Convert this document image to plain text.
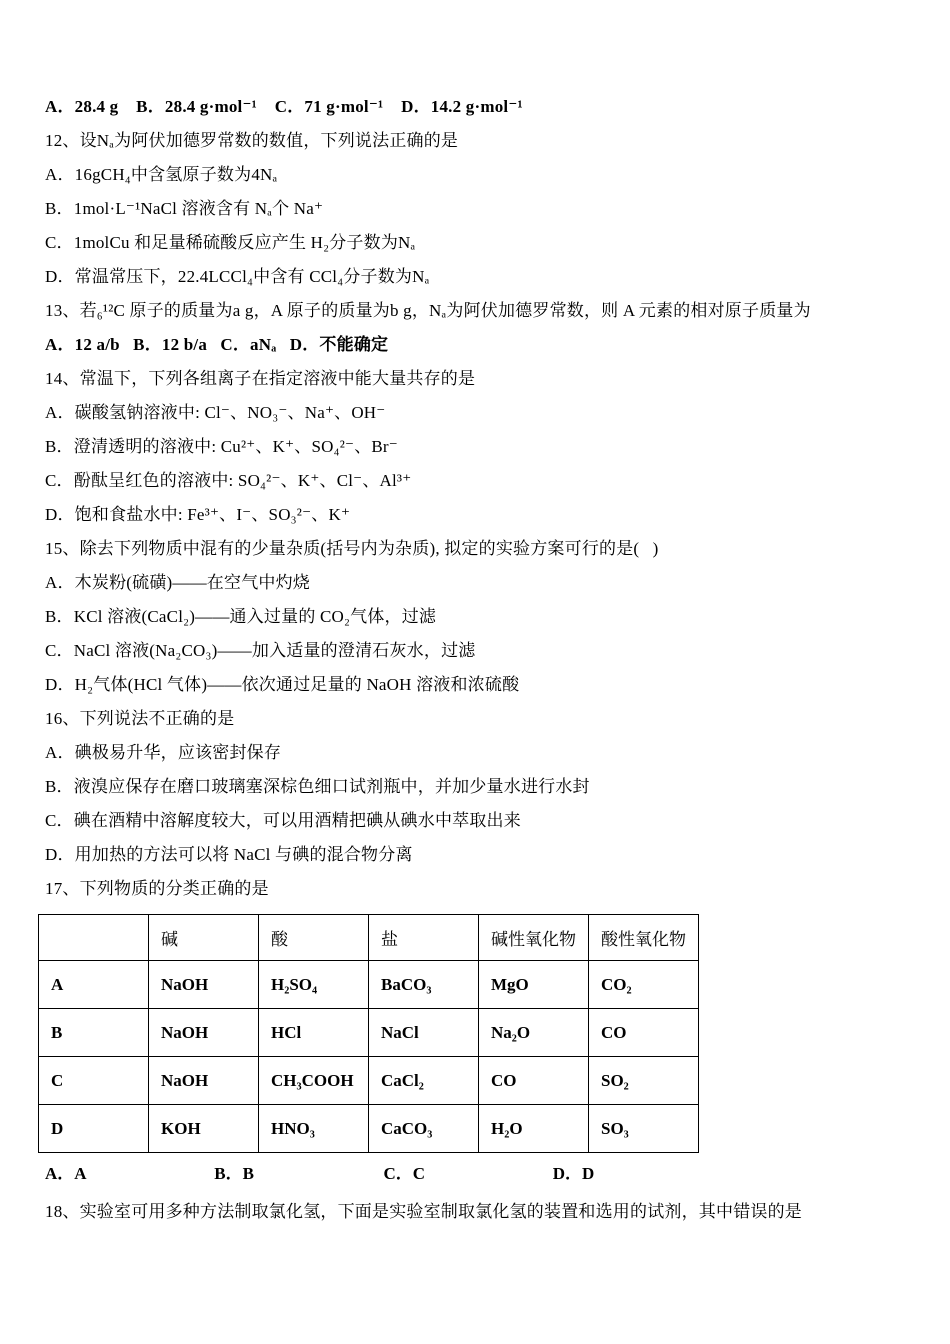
A．28.4 g    B．28.4 g·mol⁻¹    C．71 g·mol⁻¹    D．14.2 g·mol⁻¹

12、设Nₐ为阿伏加德罗常数的数值，下列说法正确的是

A．16gCH₄中含氢原子数为4Nₐ

B．1mol·L⁻¹NaCl 溶液含有 Nₐ个 Na⁺

C．1molCu 和足量稀硫酸反应产生 H₂分子数为Nₐ

D．常温常压下，22.4LCCl₄中含有 CCl₄分子数为Nₐ

13、若₆¹²C 原子的质量为a g，A 原子的质量为b g，Nₐ为阿伏加德罗常数，则 A 元素的相对原子质量为

A．12 a/b   B．12 b/a   C．aNₐ   D．不能确定

14、常温下，下列各组离子在指定溶液中能大量共存的是

A．碳酸氢钠溶液中: Cl⁻、NO₃⁻、Na⁺、OH⁻

B．澄清透明的溶液中: Cu²⁺、K⁺、SO₄²⁻、Br⁻

C．酚酞呈红色的溶液中: SO₄²⁻、K⁺、Cl⁻、Al³⁺

D．饱和食盐水中: Fe³⁺、I⁻、SO₃²⁻、K⁺

15、除去下列物质中混有的少量杂质(括号内为杂质), 拟定的实验方案可行的是(   )

A．木炭粉(硫磺)——在空气中灼烧

B．KCl 溶液(CaCl₂)——通入过量的 CO₂气体，过滤

C．NaCl 溶液(Na₂CO₃)——加入适量的澄清石灰水，过滤

D．H₂气体(HCl 气体)——依次通过足量的 NaOH 溶液和浓硫酸

16、下列说法不正确的是

A．碘极易升华，应该密封保存

B．液溴应保存在磨口玻璃塞深棕色细口试剂瓶中，并加少量水进行水封

C．碘在酒精中溶解度较大，可以用酒精把碘从碘水中萃取出来

D．用加热的方法可以将 NaCl 与碘的混合物分离

17、下列物质的分类正确的是

	碱	酸	盐	碱性氧化物	酸性氧化物
A	NaOH	H₂SO₄	BaCO₃	MgO	CO₂
B	NaOH	HCl	NaCl	Na₂O	CO
C	NaOH	CH₃COOH	CaCl₂	CO	SO₂
D	KOH	HNO₃	CaCO₃	H₂O	SO₃

A．A	B．B	C．C	D．D

18、实验室可用多种方法制取氯化氢，下面是实验室制取氯化氢的装置和选用的试剂，其中错误的是
